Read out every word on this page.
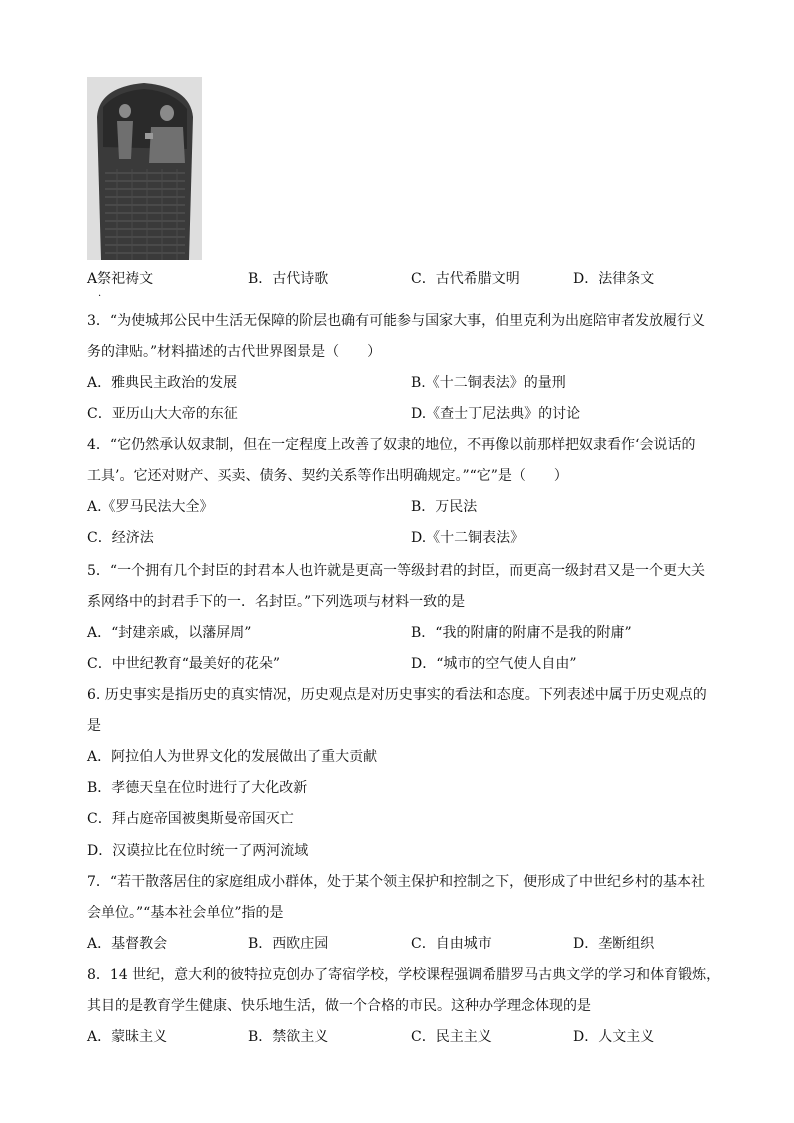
A祭祀祷文	B．古代诗歌	C．古代希腊文明	D．法律条文
·
3．“为使城邦公民中生活无保障的阶层也确有可能参与国家大事，伯里克利为出庭陪审者发放履行义
务的津贴。”材料描述的古代世界图景是（　　）
A．雅典民主政治的发展	B.《十二铜表法》的量刑
C．亚历山大大帝的东征	D.《查士丁尼法典》的讨论
4．“它仍然承认奴隶制，但在一定程度上改善了奴隶的地位，不再像以前那样把奴隶看作‘会说话的
工具’。它还对财产、买卖、债务、契约关系等作出明确规定。”“它”是（　　）
A.《罗马民法大全》	B．万民法
C．经济法	D.《十二铜表法》
5．“一个拥有几个封臣的封君本人也许就是更高一等级封君的封臣，而更高一级封君又是一个更大关
系网络中的封君手下的一．名封臣。”下列选项与材料一致的是
A．“封建亲戚，以藩屏周”	B．“我的附庸的附庸不是我的附庸”
C．中世纪教育“最美好的花朵”	D．“城市的空气使人自由”
6. 历史事实是指历史的真实情况，历史观点是对历史事实的看法和态度。下列表述中属于历史观点的
是
A．阿拉伯人为世界文化的发展做出了重大贡献
B．孝德天皇在位时进行了大化改新
C．拜占庭帝国被奥斯曼帝国灭亡
D．汉谟拉比在位时统一了两河流域
7．“若干散落居住的家庭组成小群体，处于某个领主保护和控制之下，便形成了中世纪乡村的基本社
会单位。”“基本社会单位”指的是
A．基督教会	B．西欧庄园	C．自由城市	D．垄断组织
8．14 世纪，意大利的彼特拉克创办了寄宿学校，学校课程强调希腊罗马古典文学的学习和体育锻炼，
其目的是教育学生健康、快乐地生活，做一个合格的市民。这种办学理念体现的是
A．蒙昧主义	B．禁欲主义	C．民主主义	D．人文主义
